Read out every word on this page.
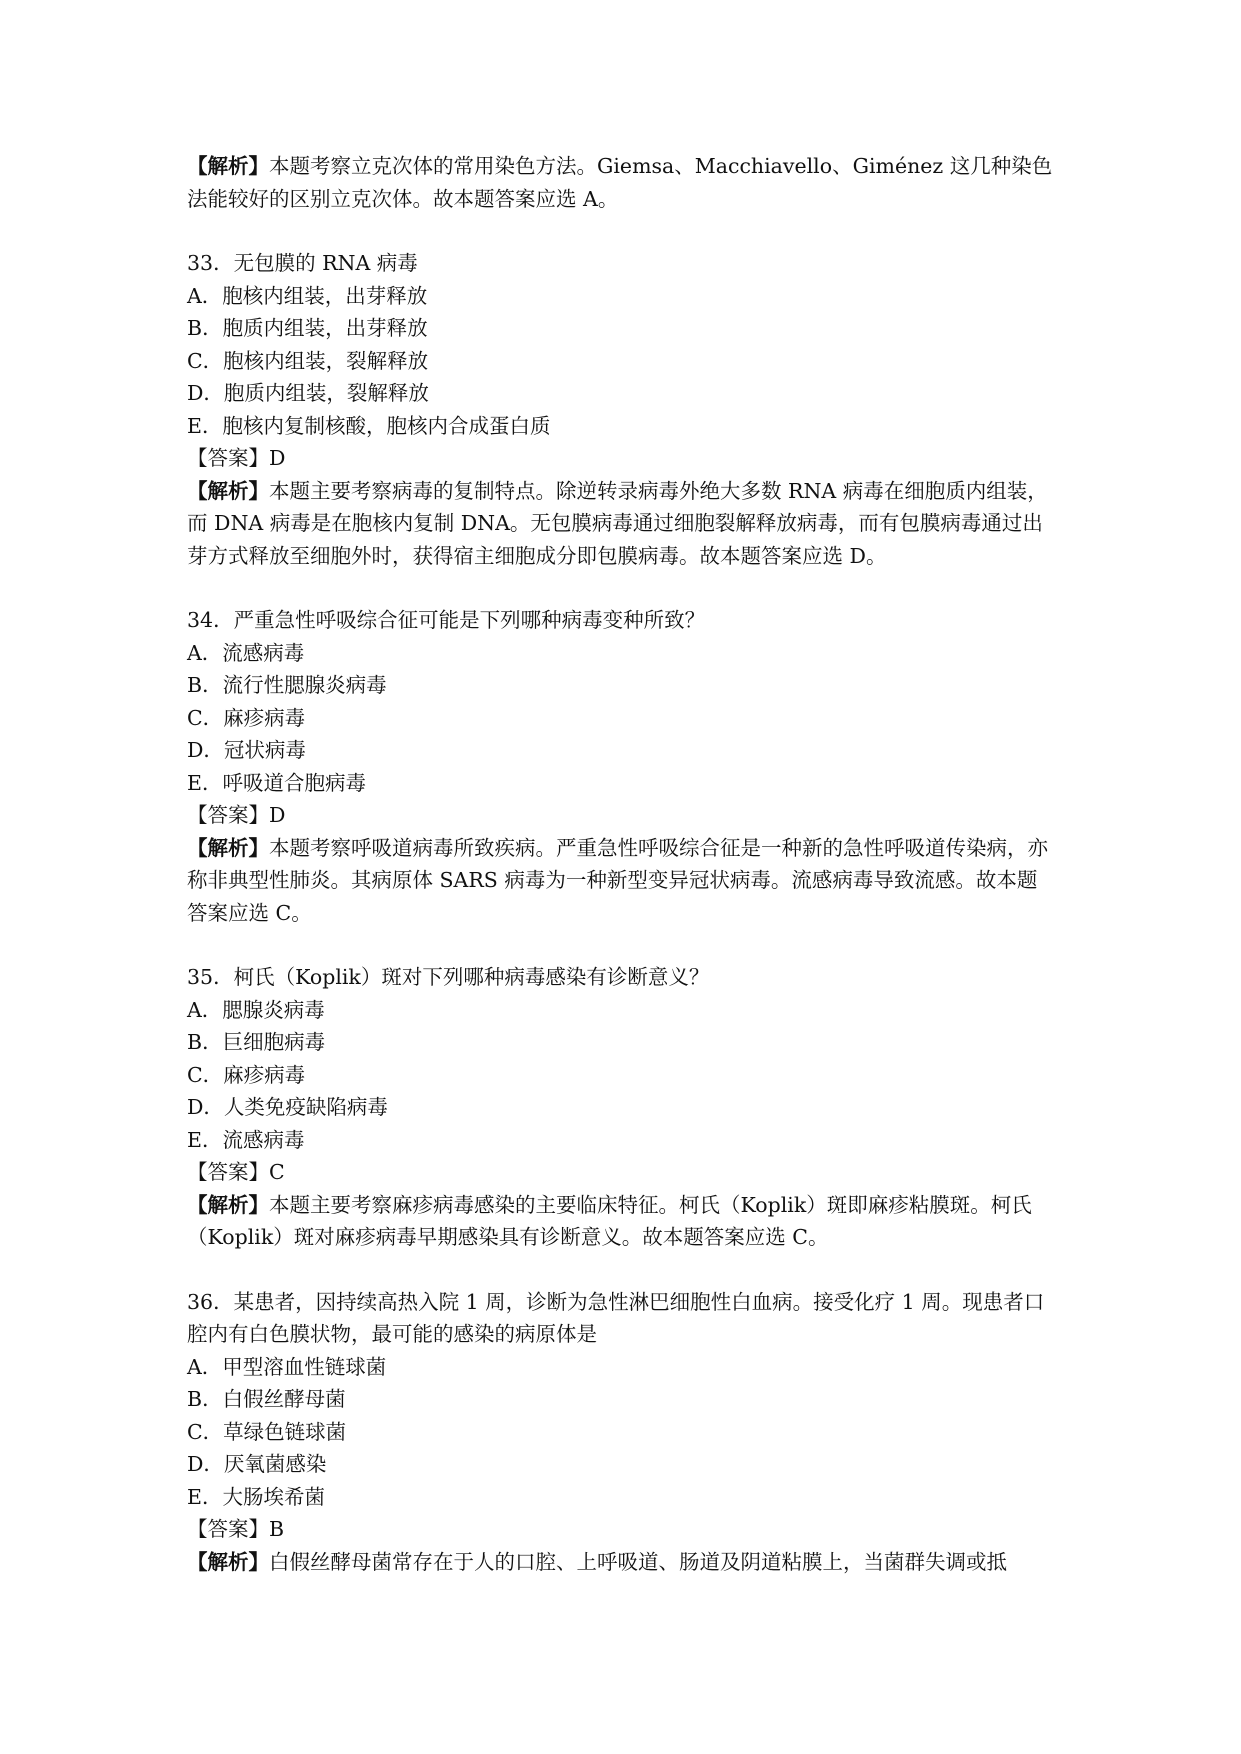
【解析】本题考察立克次体的常用染色方法。Giemsa、Macchiavello、Giménez 这几种染色法能较好的区别立克次体。故本题答案应选 A。

33．无包膜的 RNA 病毒

A．胞核内组装，出芽释放

B．胞质内组装，出芽释放

C．胞核内组装，裂解释放

D．胞质内组装，裂解释放

E．胞核内复制核酸，胞核内合成蛋白质

【答案】D

【解析】本题主要考察病毒的复制特点。除逆转录病毒外绝大多数 RNA 病毒在细胞质内组装，而 DNA 病毒是在胞核内复制 DNA。无包膜病毒通过细胞裂解释放病毒，而有包膜病毒通过出芽方式释放至细胞外时，获得宿主细胞成分即包膜病毒。故本题答案应选 D。

34．严重急性呼吸综合征可能是下列哪种病毒变种所致？

A．流感病毒

B．流行性腮腺炎病毒

C．麻疹病毒

D．冠状病毒

E．呼吸道合胞病毒

【答案】D

【解析】本题考察呼吸道病毒所致疾病。严重急性呼吸综合征是一种新的急性呼吸道传染病，亦称非典型性肺炎。其病原体 SARS 病毒为一种新型变异冠状病毒。流感病毒导致流感。故本题答案应选 C。

35．柯氏（Koplik）斑对下列哪种病毒感染有诊断意义？

A．腮腺炎病毒

B．巨细胞病毒

C．麻疹病毒

D．人类免疫缺陷病毒

E．流感病毒

【答案】C

【解析】本题主要考察麻疹病毒感染的主要临床特征。柯氏（Koplik）斑即麻疹粘膜斑。柯氏（Koplik）斑对麻疹病毒早期感染具有诊断意义。故本题答案应选 C。

36．某患者，因持续高热入院 1 周，诊断为急性淋巴细胞性白血病。接受化疗 1 周。现患者口腔内有白色膜状物，最可能的感染的病原体是

A．甲型溶血性链球菌

B．白假丝酵母菌

C．草绿色链球菌

D．厌氧菌感染

E．大肠埃希菌

【答案】B

【解析】白假丝酵母菌常存在于人的口腔、上呼吸道、肠道及阴道粘膜上，当菌群失调或抵
